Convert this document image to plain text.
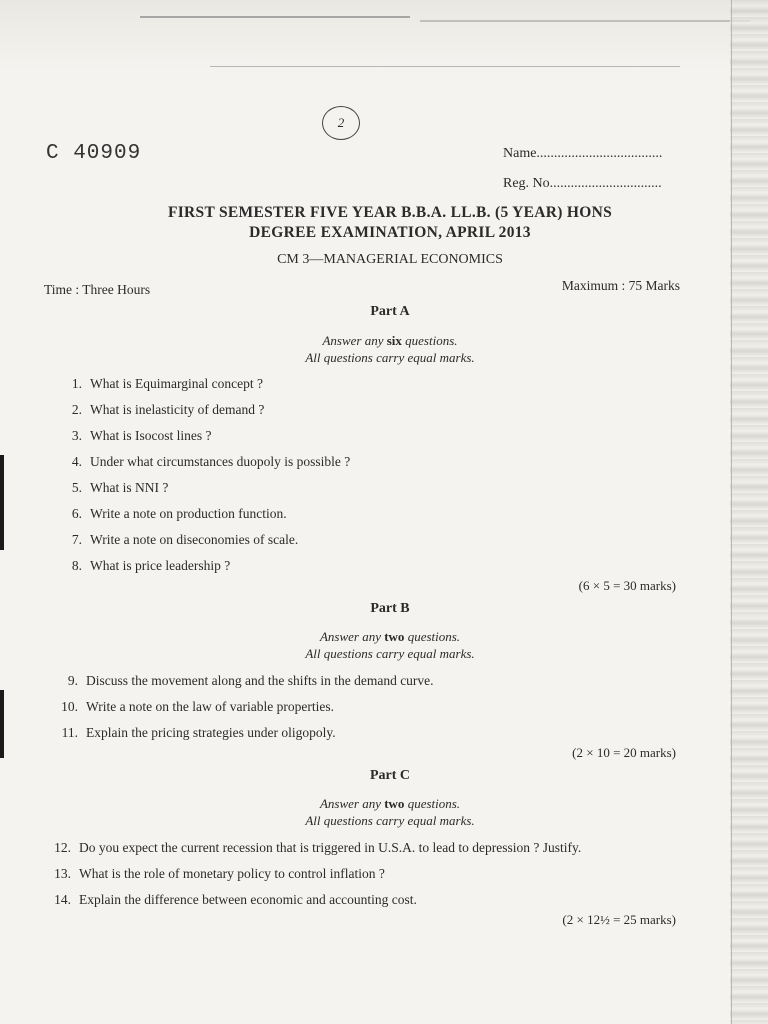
2
C 40909	Name....................................
Reg. No................................
FIRST SEMESTER FIVE YEAR B.B.A. LL.B. (5 YEAR) HONS
DEGREE EXAMINATION, APRIL 2013
CM 3—MANAGERIAL ECONOMICS
Time : Three Hours	Maximum : 75 Marks
Part A
Answer any six questions.
All questions carry equal marks.
1. What is Equimarginal concept ?
2. What is inelasticity of demand ?
3. What is Isocost lines ?
4. Under what circumstances duopoly is possible ?
5. What is NNI ?
6. Write a note on production function.
7. Write a note on diseconomies of scale.
8. What is price leadership ?
(6 × 5 = 30 marks)
Part B
Answer any two questions.
All questions carry equal marks.
9. Discuss the movement along and the shifts in the demand curve.
10. Write a note on the law of variable properties.
11. Explain the pricing strategies under oligopoly.
(2 × 10 = 20 marks)
Part C
Answer any two questions.
All questions carry equal marks.
12. Do you expect the current recession that is triggered in U.S.A. to lead to depression ? Justify.
13. What is the role of monetary policy to control inflation ?
14. Explain the difference between economic and accounting cost.
(2 × 12½ = 25 marks)
